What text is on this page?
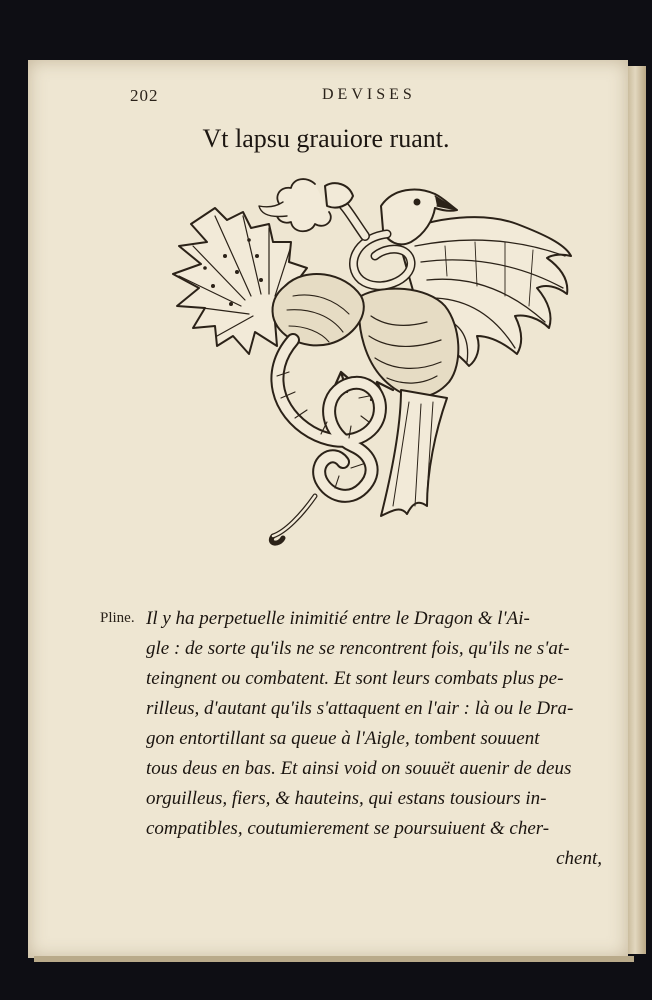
202	DEVISES
Vt lapsu grauiore ruant.
Pline. Il y ha perpetuelle inimitié entre le Dragon & l'Ai-
gle : de sorte qu'ils ne se rencontrent fois, qu'ils ne s'at-
teingnent ou combatent. Et sont leurs combats plus pe-
rilleus, d'autant qu'ils s'attaquent en l'air : là ou le Dra-
gon entortillant sa queue à l'Aigle, tombent souuent
tous deus en bas. Et ainsi void on souuët auenir de deus
orguilleus, fiers, & hauteins, qui estans tousiours in-
compatibles, coutumierement se poursuiuent & cher-
chent,
